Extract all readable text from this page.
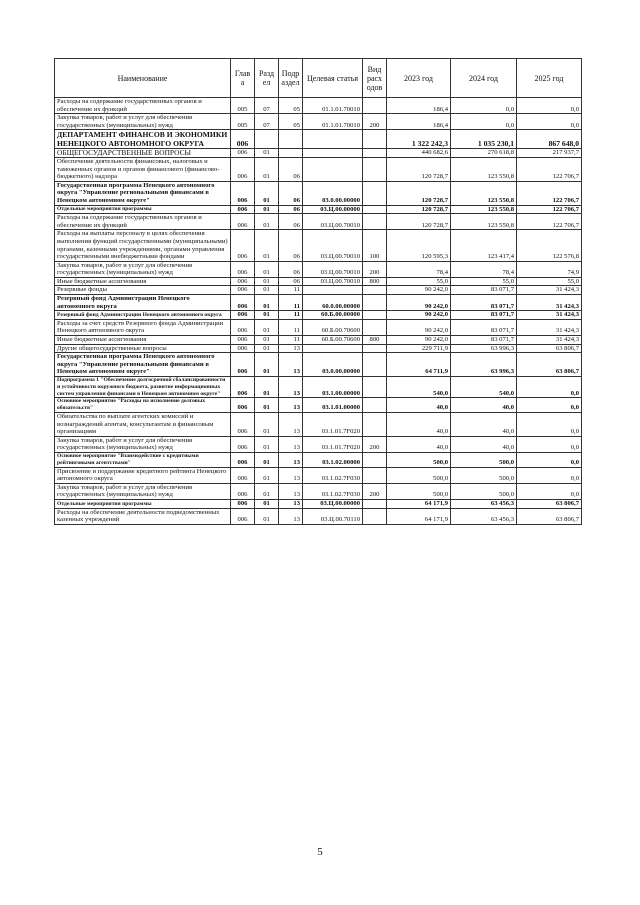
Наименование	Глав а	Разд ел	Подр аздел	Целевая статья	Вид расх одов	2023 год	2024 год	2025 год
Расходы на содержание государственных органов и обеспечение их функций	005	07	05	01.1.01.70010		186,4	0,0	0,0
Закупка товаров, работ и услуг для обеспечения государственных (муниципальных) нужд	005	07	05	01.1.01.70010	200	186,4	0,0	0,0
ДЕПАРТАМЕНТ ФИНАНСОВ И ЭКОНОМИКИ НЕНЕЦКОГО АВТОНОМНОГО ОКРУГА	006					1 322 242,3	1 035 230,1	867 648,0
ОБЩЕГОСУДАРСТВЕННЫЕ ВОПРОСЫ	006	01				440 682,6	270 618,8	217 937,7
Обеспечение деятельности финансовых, налоговых и таможенных органов и органов финансового (финансово-бюджетного) надзора	006	01	06			120 728,7	123 550,8	122 706,7
Государственная программа Ненецкого автономного округа "Управление региональными финансами в Ненецком автономном округе"	006	01	06	03.0.00.00000		120 728,7	123 550,8	122 706,7
Отдельные мероприятия программы	006	01	06	03.Ц.00.00000		120 728,7	123 550,8	122 706,7
Расходы на содержание государственных органов и обеспечение их функций	006	01	06	03.Ц.00.70010		120 728,7	123 550,8	122 706,7
Расходы на выплаты персоналу в целях обеспечения выполнения функций государственными (муниципальными) органами, казенными учреждениями, органами управления государственными внебюджетными фондами	006	01	06	03.Ц.00.70010	100	120 595,3	123 417,4	122 576,8
Закупка товаров, работ и услуг для обеспечения государственных (муниципальных) нужд	006	01	06	03.Ц.00.70010	200	78,4	78,4	74,9
Иные бюджетные ассигнования	006	01	06	03.Ц.00.70010	800	55,0	55,0	55,0
Резервные фонды	006	01	11			90 242,0	83 071,7	31 424,3
Резервный фонд Администрации Ненецкого автономного округа	006	01	11	60.0.00.00000		90 242,0	83 071,7	31 424,3
Резервный фонд Администрации Ненецкого автономного округа	006	01	11	60.Б.00.00000		90 242,0	83 071,7	31 424,3
Расходы за счет средств Резервного фонда Администрации Ненецкого автономного округа	006	01	11	60.Б.00.70600		90 242,0	83 071,7	31 424,3
Иные бюджетные ассигнования	006	01	11	60.Б.00.70600	800	90 242,0	83 071,7	31 424,3
Другие общегосударственные вопросы	006	01	13			229 711,9	63 996,3	63 806,7
Государственная программа Ненецкого автономного округа "Управление региональными финансами в Ненецком автономном округе"	006	01	13	03.0.00.00000		64 711,9	63 996,3	63 806,7
Подпрограмма 1 "Обеспечение долгосрочной сбалансированности и устойчивости окружного бюджета, развитие информационных систем управления финансами в Ненецком автономном округе"	006	01	13	03.1.00.00000		540,0	540,0	0,0
Основное мероприятие "Расходы на исполнение долговых обязательств"	006	01	13	03.1.01.00000		40,0	40,0	0,0
Обязательства по выплате агентских комиссий и вознаграждений агентам, консультантам и финансовым организациям	006	01	13	03.1.01.7F020		40,0	40,0	0,0
Закупка товаров, работ и услуг для обеспечения государственных (муниципальных) нужд	006	01	13	03.1.01.7F020	200	40,0	40,0	0,0
Основное мероприятие "Взаимодействие с кредитными рейтинговыми агентствами"	006	01	13	03.1.02.00000		500,0	500,0	0,0
Присвоение и поддержание кредитного рейтинга Ненецкого автономного округа	006	01	13	03.1.02.7F030		500,0	500,0	0,0
Закупка товаров, работ и услуг для обеспечения государственных (муниципальных) нужд	006	01	13	03.1.02.7F030	200	500,0	500,0	0,0
Отдельные мероприятия программы	006	01	13	03.Ц.00.00000		64 171,9	63 456,3	63 806,7
Расходы на обеспечение деятельности подведомственных казенных учреждений	006	01	13	03.Ц.00.70110		64 171,9	63 456,3	63 806,7
5
